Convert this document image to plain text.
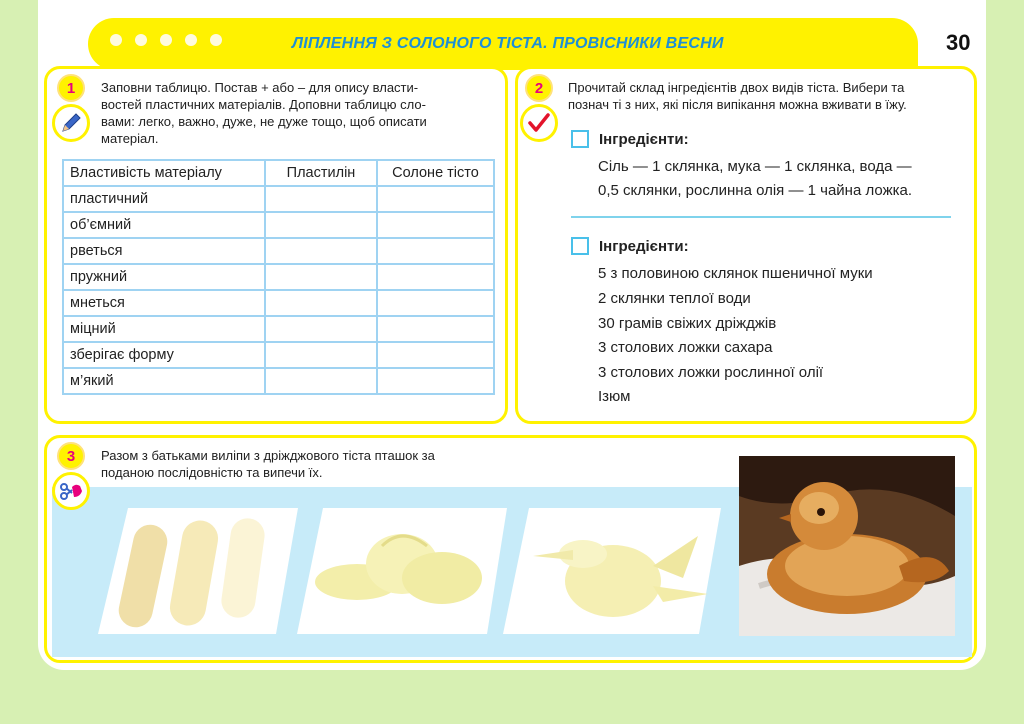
ЛІПЛЕННЯ З СОЛОНОГО ТІСТА. ПРОВІСНИКИ ВЕСНИ	30
1	Заповни таблицю. Постав + або – для опису власти-
востей пластичних матеріалів. Доповни таблицю сло-
вами: легко, важно, дуже, не дуже тощо, щоб описати
матеріал.
Властивість матеріалу	Пластилін	Солоне тісто
пластичний		
об’ємний		
рветься		
пружний		
мнеться		
міцний		
зберігає форму		
м’який		
2	Прочитай склад інгредієнтів двох видів тіста. Вибери та
познач ті з них, які після випікання можна вживати в їжу.
Інгредієнти:
Сіль — 1 склянка, мука — 1 склянка, вода —
0,5 склянки, рослинна олія — 1 чайна ложка.
Інгредієнти:
5 з половиною склянок пшеничної муки
2 склянки теплої води
30 грамів свіжих дріжджів
3 столових ложки сахара
3 столових ложки рослинної олії
Ізюм
3	Разом з батьками виліпи з дріжджового тіста пташок за
поданою послідовністю та випечи їх.
